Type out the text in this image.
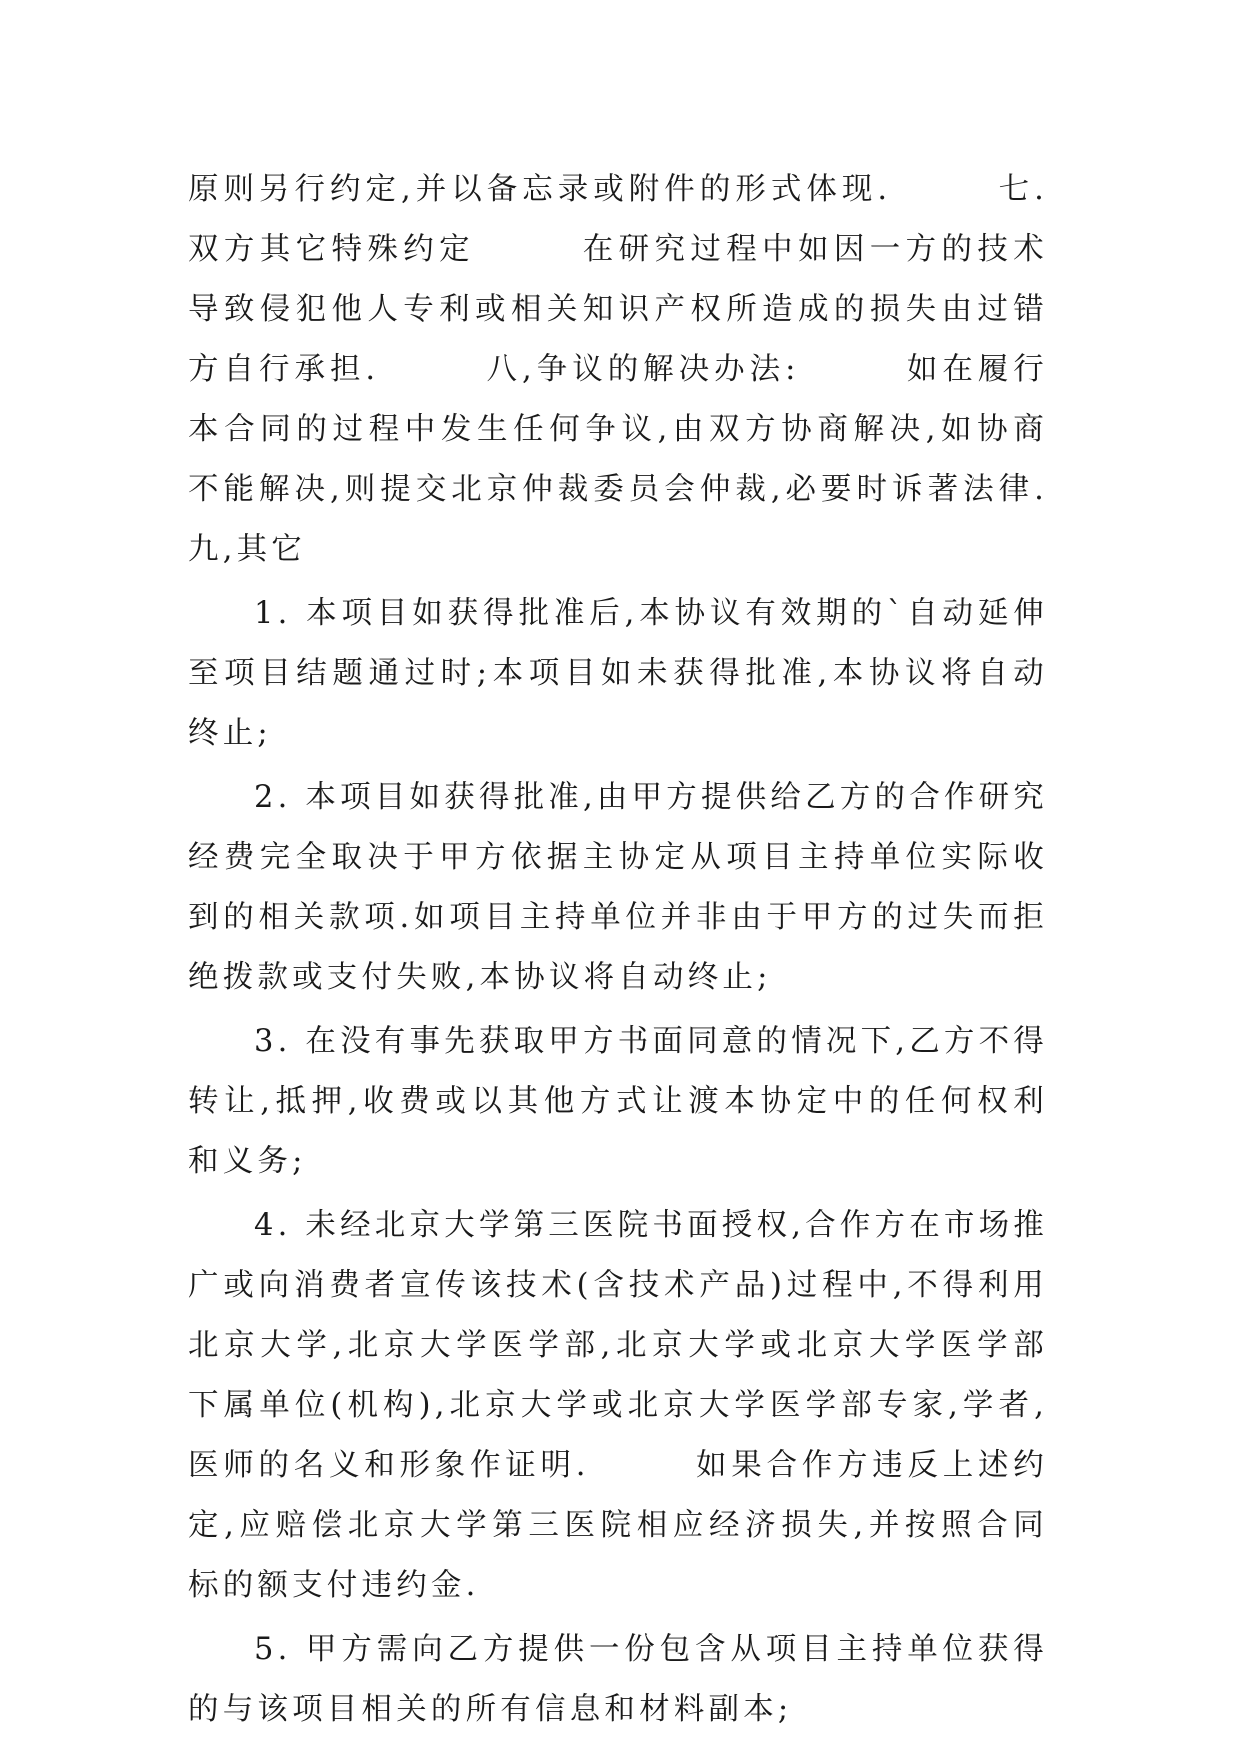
原则另行约定,并以备忘录或附件的形式体现.　　　七.双方其它特殊约定　　　在研究过程中如因一方的技术导致侵犯他人专利或相关知识产权所造成的损失由过错方自行承担.　　　八,争议的解决办法:　　　如在履行本合同的过程中发生任何争议,由双方协商解决,如协商不能解决,则提交北京仲裁委员会仲裁,必要时诉著法律.　　　九,其它

1. 本项目如获得批准后,本协议有效期的`自动延伸至项目结题通过时;本项目如未获得批准,本协议将自动终止;

2. 本项目如获得批准,由甲方提供给乙方的合作研究经费完全取决于甲方依据主协定从项目主持单位实际收到的相关款项.如项目主持单位并非由于甲方的过失而拒绝拨款或支付失败,本协议将自动终止;

3. 在没有事先获取甲方书面同意的情况下,乙方不得转让,抵押,收费或以其他方式让渡本协定中的任何权利和义务;

4. 未经北京大学第三医院书面授权,合作方在市场推广或向消费者宣传该技术(含技术产品)过程中,不得利用北京大学,北京大学医学部,北京大学或北京大学医学部下属单位(机构),北京大学或北京大学医学部专家,学者,医师的名义和形象作证明.　　　如果合作方违反上述约定,应赔偿北京大学第三医院相应经济损失,并按照合同标的额支付违约金.

5. 甲方需向乙方提供一份包含从项目主持单位获得的与该项目相关的所有信息和材料副本;
